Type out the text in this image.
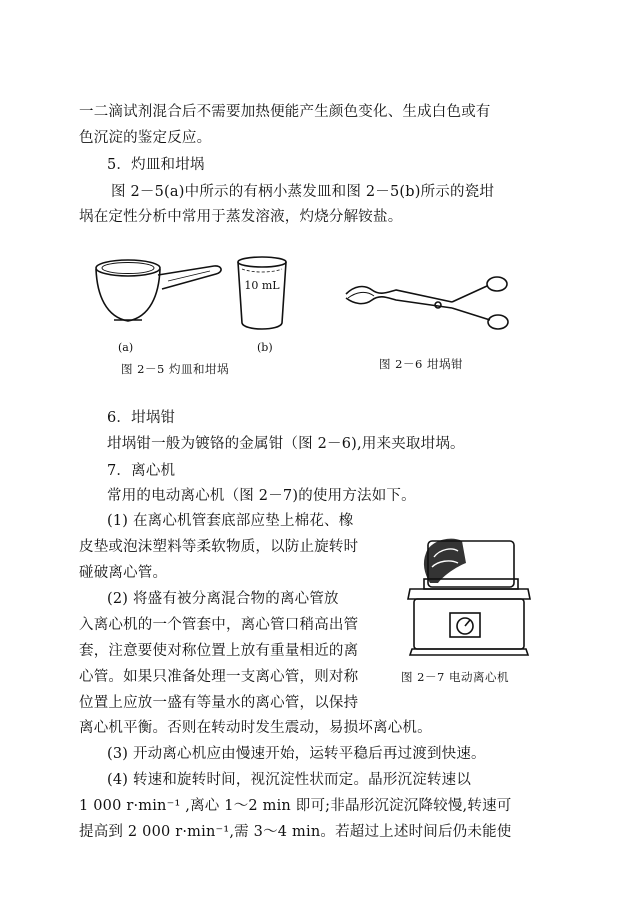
一二滴试剂混合后不需要加热便能产生颜色变化、生成白色或有
色沉淀的鉴定反应。
5．灼皿和坩埚
图 2－5(a)中所示的有柄小蒸发皿和图 2－5(b)所示的瓷坩
埚在定性分析中常用于蒸发溶液，灼烧分解铵盐。
10 mL
(a)	(b)
图 2－5 灼皿和坩埚	图 2－6 坩埚钳
6．坩埚钳
坩埚钳一般为镀铬的金属钳（图 2－6),用来夹取坩埚。
7．离心机
常用的电动离心机（图 2－7)的使用方法如下。
(1) 在离心机管套底部应垫上棉花、橡
皮垫或泡沫塑料等柔软物质，以防止旋转时
碰破离心管。
(2) 将盛有被分离混合物的离心管放
入离心机的一个管套中，离心管口稍高出管
套，注意要使对称位置上放有重量相近的离
心管。如果只准备处理一支离心管，则对称
位置上应放一盛有等量水的离心管，以保持
离心机平衡。否则在转动时发生震动，易损坏离心机。
图 2－7 电动离心机
(3) 开动离心机应由慢速开始，运转平稳后再过渡到快速。
(4) 转速和旋转时间，视沉淀性状而定。晶形沉淀转速以
1 000 r·min⁻¹ ,离心 1～2 min 即可;非晶形沉淀沉降较慢,转速可
提高到 2 000 r·min⁻¹,需 3～4 min。若超过上述时间后仍未能使
